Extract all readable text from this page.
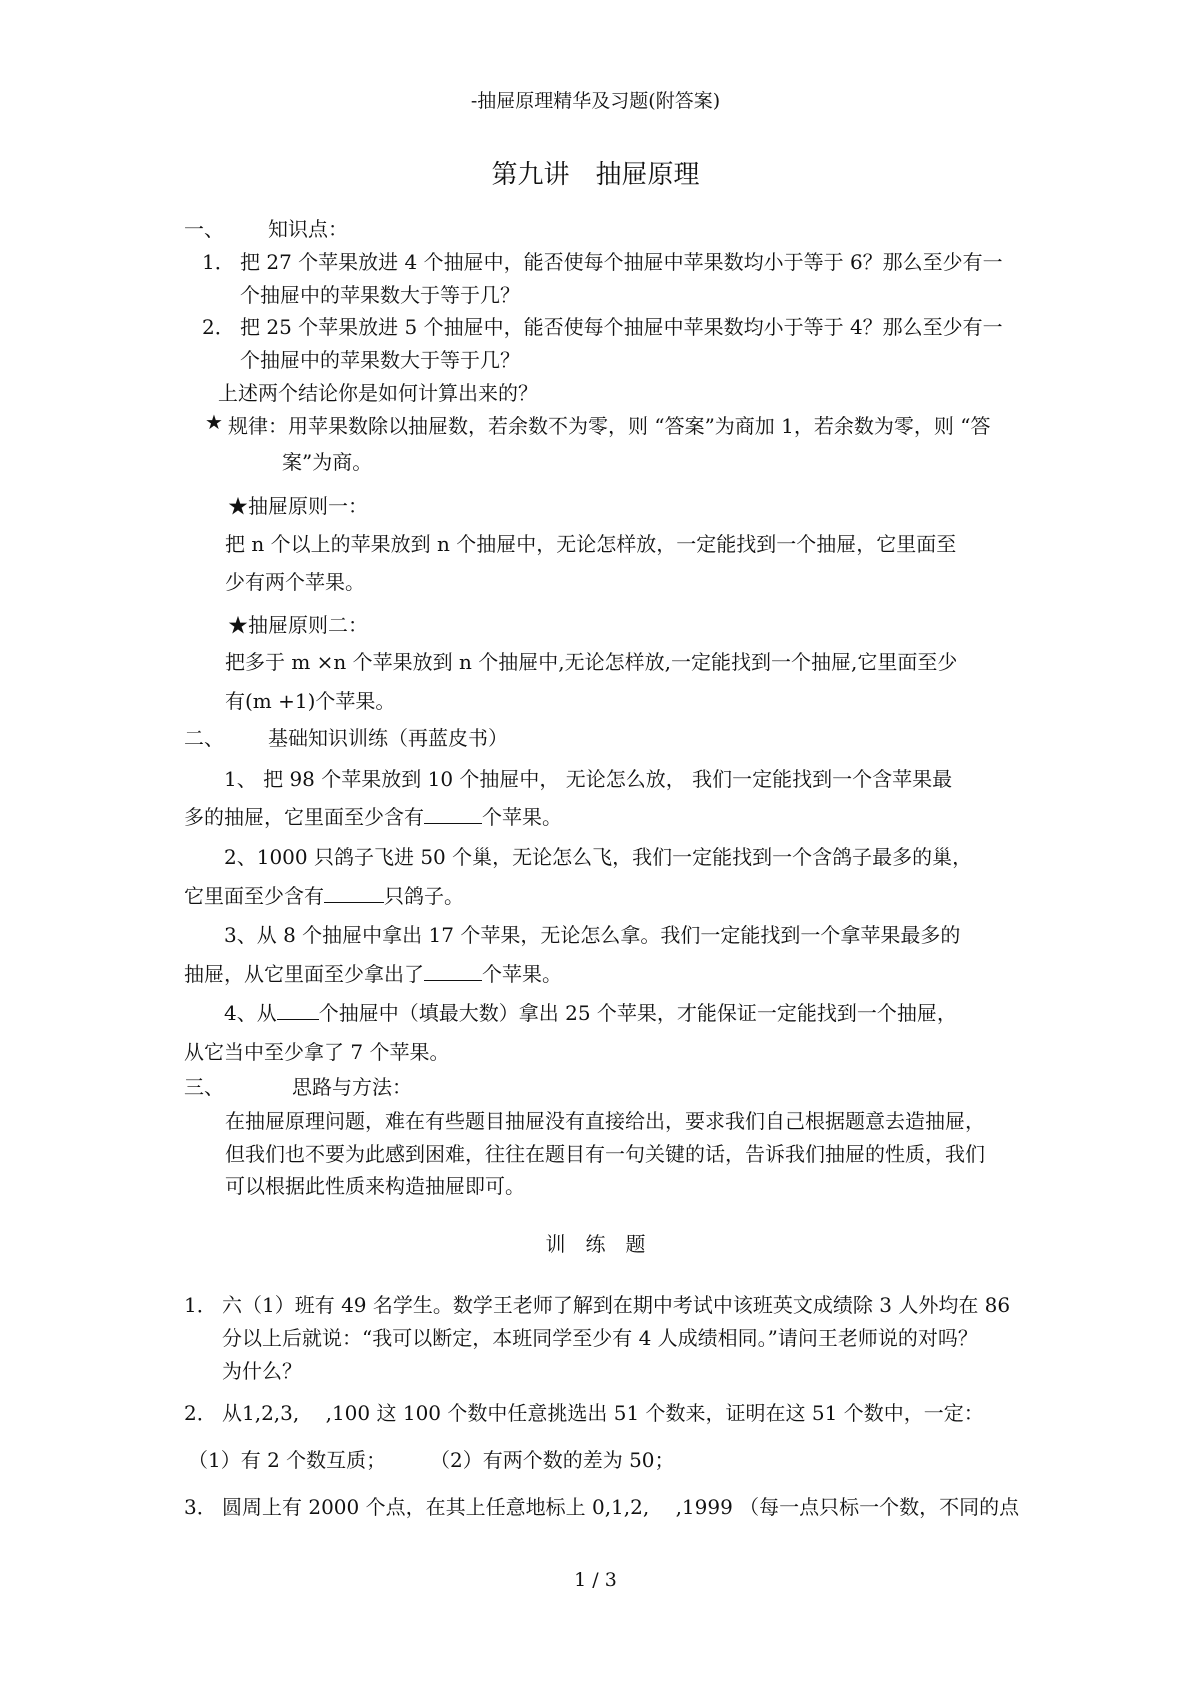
-抽屉原理精华及习题(附答案)
第九讲　抽屉原理
一、 知识点：
1． 把 27 个苹果放进 4 个抽屉中，能否使每个抽屉中苹果数均小于等于 6？那么至少有一
个抽屉中的苹果数大于等于几？
2． 把 25 个苹果放进 5 个抽屉中，能否使每个抽屉中苹果数均小于等于 4？那么至少有一
个抽屉中的苹果数大于等于几？
上述两个结论你是如何计算出来的？
★ 规律：用苹果数除以抽屉数，若余数不为零，则 “答案”为商加 1，若余数为零，则 “答
案”为商。
★抽屉原则一：
把 n 个以上的苹果放到 n 个抽屉中，无论怎样放，一定能找到一个抽屉，它里面至
少有两个苹果。
★抽屉原则二：
把多于 m ×n 个苹果放到 n 个抽屉中,无论怎样放,一定能找到一个抽屉,它里面至少
有(m +1)个苹果。
二、 基础知识训练（再蓝皮书）
1、 把 98 个苹果放到 10 个抽屉中， 无论怎么放， 我们一定能找到一个含苹果最
多的抽屉，它里面至少含有	个苹果。
2、1000 只鸽子飞进 50 个巢，无论怎么飞，我们一定能找到一个含鸽子最多的巢，
它里面至少含有	只鸽子。
3、从 8 个抽屉中拿出 17 个苹果，无论怎么拿。我们一定能找到一个拿苹果最多的
抽屉，从它里面至少拿出了	个苹果。
4、从 个抽屉中（填最大数）拿出 25 个苹果，才能保证一定能找到一个抽屉，
从它当中至少拿了 7 个苹果。
三、	思路与方法：
在抽屉原理问题，难在有些题目抽屉没有直接给出，要求我们自己根据题意去造抽屉，
但我们也不要为此感到困难，往往在题目有一句关键的话，告诉我们抽屉的性质，我们
可以根据此性质来构造抽屉即可。
训　练　题
1． 六（1）班有 49 名学生。数学王老师了解到在期中考试中该班英文成绩除 3 人外均在 86
分以上后就说：“我可以断定，本班同学至少有 4 人成绩相同。”请问王老师说的对吗？
为什么？
2． 从1,2,3,　 ,100 这 100 个数中任意挑选出 51 个数来，证明在这 51 个数中，一定：
（1）有 2 个数互质； （2）有两个数的差为 50；
3． 圆周上有 2000 个点，在其上任意地标上 0,1,2,　 ,1999 （每一点只标一个数，不同的点
1 / 3
